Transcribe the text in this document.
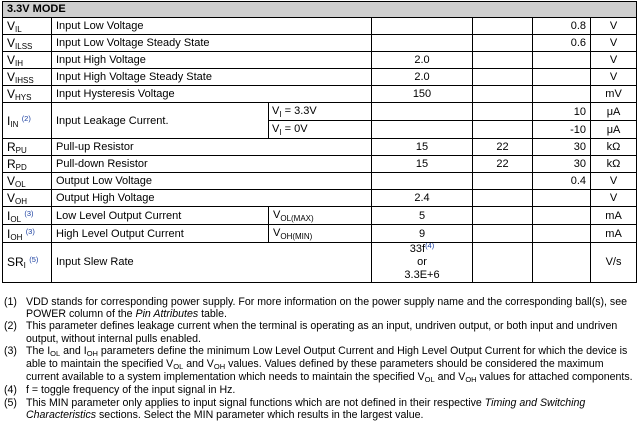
3.3V MODE						
$V_{IL}$	Input Low Voltage				0.8	V
$V_{ILSS}$	Input Low Voltage Steady State				0.6	V
$V_{IH}$	Input High Voltage		2.0			V
$V_{IHSS}$	Input High Voltage Steady State		2.0			V
$V_{HYS}$	Input Hysteresis Voltage		150			mV
$I_{IN}$ $^{(2)}$	Input Leakage Current.	$V_I = 3.3V$			10	μA
		$V_I = 0V$			-10	μA
$R_{PU}$	Pull-up Resistor		15	22	30	kΩ
$R_{PD}$	Pull-down Resistor		15	22	30	kΩ
$V_{OL}$	Output Low Voltage				0.4	V
$V_{OH}$	Output High Voltage		2.4			V
$I_{OL}$ $^{(3)}$	Low Level Output Current	$V_{OL(MAX)}$	5			mA
$I_{OH}$ $^{(3)}$	High Level Output Current	$V_{OH(MIN)}$	9			mA
$SR_I$ $^{(5)}$	Input Slew Rate		33f$^{(4)}$
or
3.3E+6			V/s
(1) VDD stands for corresponding power supply. For more information on the power supply name and the corresponding ball(s), see POWER column of the Pin Attributes table.
(2) This parameter defines leakage current when the terminal is operating as an input, undriven output, or both input and undriven output, without internal pulls enabled.
(3) The IOL and IOH parameters define the minimum Low Level Output Current and High Level Output Current for which the device is able to maintain the specified VOL and VOH values. Values defined by these parameters should be considered the maximum current available to a system implementation which needs to maintain the specified VOL and VOH values for attached components.
(4) f = toggle frequency of the input signal in Hz.
(5) This MIN parameter only applies to input signal functions which are not defined in their respective Timing and Switching Characteristics sections. Select the MIN parameter which results in the largest value.
